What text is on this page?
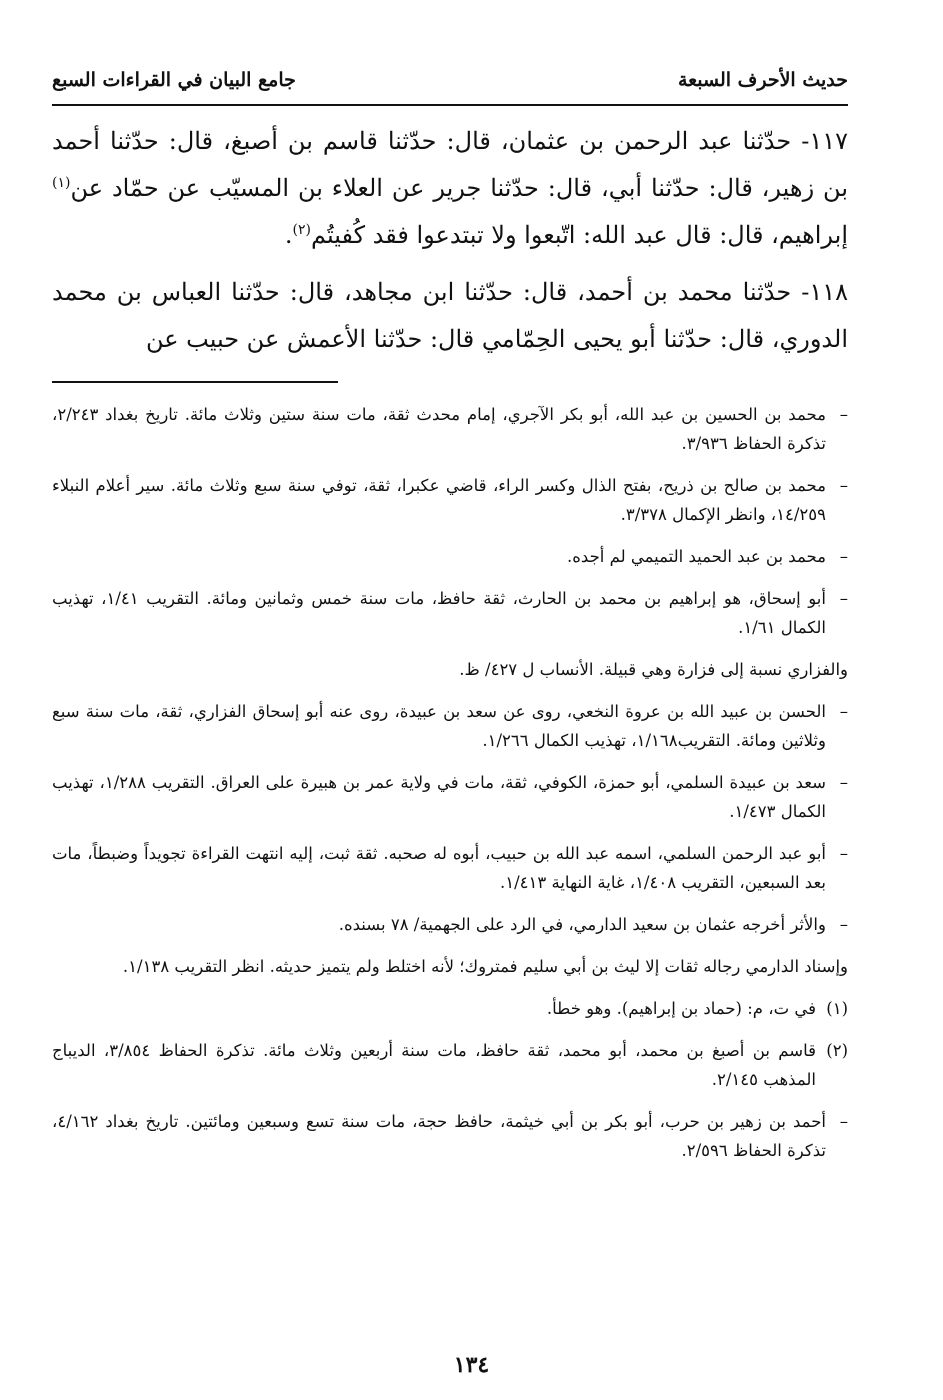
حديث الأحرف السبعة
جامع البيان في القراءات السبع

١١٧- حدّثنا عبد الرحمن بن عثمان، قال: حدّثنا قاسم بن أصبغ، قال: حدّثنا أحمد بن زهير، قال: حدّثنا أبي، قال: حدّثنا جرير عن العلاء بن المسيّب عن حمّاد عن$^{(١)}$ إبراهيم، قال: قال عبد الله: اتّبعوا ولا تبتدعوا فقد كُفيتُم$^{(٢)}$.

١١٨- حدّثنا محمد بن أحمد، قال: حدّثنا ابن مجاهد، قال: حدّثنا العباس بن محمد الدوري، قال: حدّثنا أبو يحيى الحِمّامي قال: حدّثنا الأعمش عن حبيب عن

–
محمد بن الحسين بن عبد الله، أبو بكر الآجري، إمام محدث ثقة، مات سنة ستين وثلاث مائة. تاريخ بغداد ٢/٢٤٣، تذكرة الحفاظ ٣/٩٣٦.
–
محمد بن صالح بن ذريح، بفتح الذال وكسر الراء، قاضي عكبرا، ثقة، توفي سنة سبع وثلاث مائة. سير أعلام النبلاء ١٤/٢٥٩، وانظر الإكمال ٣/٣٧٨.
–
محمد بن عبد الحميد التميمي لم أجده.
–
أبو إسحاق، هو إبراهيم بن محمد بن الحارث، ثقة حافظ، مات سنة خمس وثمانين ومائة. التقريب ١/٤١، تهذيب الكمال ١/٦١.
والفزاري نسبة إلى فزارة وهي قبيلة. الأنساب ل ٤٢٧/ ظ.
–
الحسن بن عبيد الله بن عروة النخعي، روى عن سعد بن عبيدة، روى عنه أبو إسحاق الفزاري، ثقة، مات سنة سبع وثلاثين ومائة. التقريب١/١٦٨، تهذيب الكمال ١/٢٦٦.
–
سعد بن عبيدة السلمي، أبو حمزة، الكوفي، ثقة، مات في ولاية عمر بن هبيرة على العراق. التقريب ١/٢٨٨، تهذيب الكمال ١/٤٧٣.
–
أبو عبد الرحمن السلمي، اسمه عبد الله بن حبيب، أبوه له صحبه. ثقة ثبت، إليه انتهت القراءة تجويداً وضبطاً، مات بعد السبعين، التقريب ١/٤٠٨، غاية النهاية ١/٤١٣.
–
والأثر أخرجه عثمان بن سعيد الدارمي، في الرد على الجهمية/ ٧٨ بسنده.
وإسناد الدارمي رجاله ثقات إلا ليث بن أبي سليم فمتروك؛ لأنه اختلط ولم يتميز حديثه. انظر التقريب ١/١٣٨.
(١)
في ت، م: (حماد بن إبراهيم). وهو خطأ.
(٢)
قاسم بن أصبغ بن محمد، أبو محمد، ثقة حافظ، مات سنة أربعين وثلاث مائة. تذكرة الحفاظ ٣/٨٥٤، الديباج المذهب ٢/١٤٥.
–
أحمد بن زهير بن حرب، أبو بكر بن أبي خيثمة، حافظ حجة، مات سنة تسع وسبعين ومائتين. تاريخ بغداد ٤/١٦٢، تذكرة الحفاظ ٢/٥٩٦.
١٣٤
